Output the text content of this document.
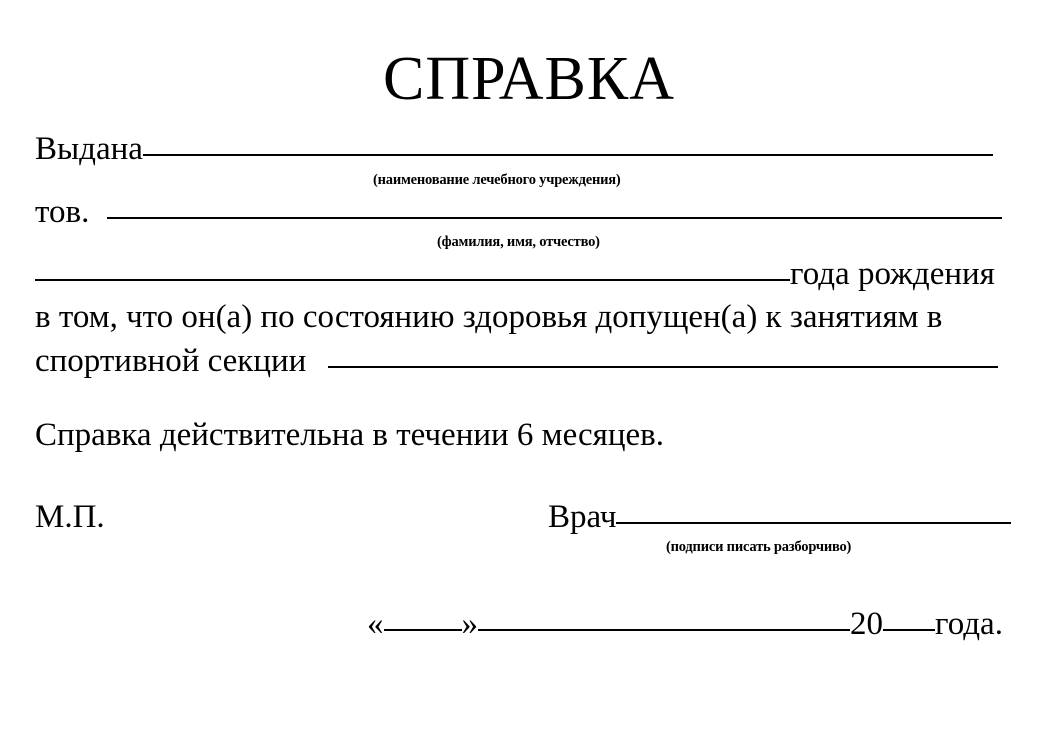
СПРАВКА
Выдана
(наименование лечебного учреждения)
тов.
(фамилия, имя, отчество)
года рождения
в том, что он(а) по состоянию здоровья допущен(а) к занятиям в
спортивной секции
Справка действительна в течении 6 месяцев.
М.П.	Врач
(подписи писать разборчиво)
« »	20 года.
